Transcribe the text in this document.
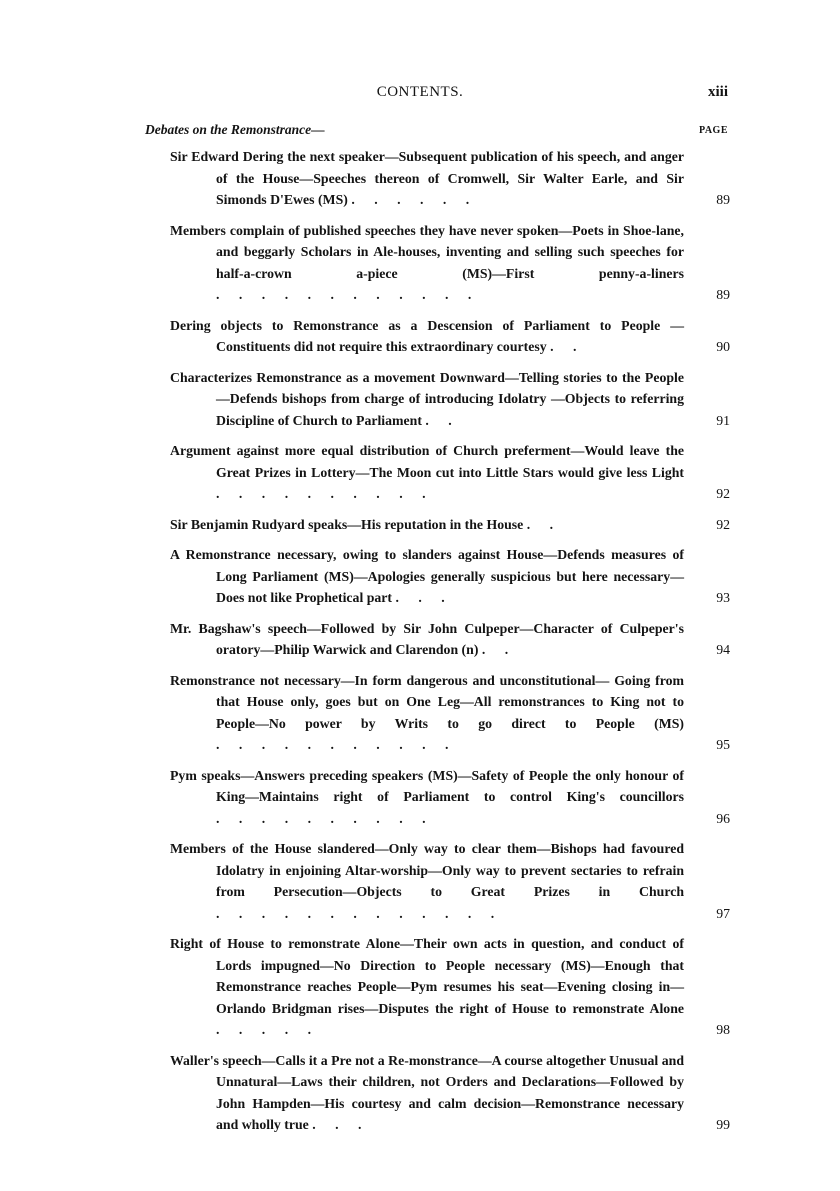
CONTENTS.	xiii
Debates on the Remonstrance—	PAGE
Sir Edward Dering the next speaker—Subsequent publication of his speech, and anger of the House—Speeches thereon of Cromwell, Sir Walter Earle, and Sir Simonds D'Ewes (MS) . . . . . .	89
Members complain of published speeches they have never spoken—Poets in Shoe-lane, and beggarly Scholars in Ale-houses, inventing and selling such speeches for half-a-crown a-piece (MS)—First penny-a-liners . . . . . . . . . . . .	89
Dering objects to Remonstrance as a Descension of Parliament to People —Constituents did not require this extraordinary courtesy . .	90
Characterizes Remonstrance as a movement Downward—Telling stories to the People—Defends bishops from charge of introducing Idolatry —Objects to referring Discipline of Church to Parliament . .	91
Argument against more equal distribution of Church preferment—Would leave the Great Prizes in Lottery—The Moon cut into Little Stars would give less Light . . . . . . . . . .	92
Sir Benjamin Rudyard speaks—His reputation in the House . .	92
A Remonstrance necessary, owing to slanders against House—Defends measures of Long Parliament (MS)—Apologies generally suspicious but here necessary—Does not like Prophetical part . . .	93
Mr. Bagshaw's speech—Followed by Sir John Culpeper—Character of Culpeper's oratory—Philip Warwick and Clarendon (n) . .	94
Remonstrance not necessary—In form dangerous and unconstitutional— Going from that House only, goes but on One Leg—All remonstrances to King not to People—No power by Writs to go direct to People (MS) . . . . . . . . . . .	95
Pym speaks—Answers preceding speakers (MS)—Safety of People the only honour of King—Maintains right of Parliament to control King's councillors . . . . . . . . . .	96
Members of the House slandered—Only way to clear them—Bishops had favoured Idolatry in enjoining Altar-worship—Only way to prevent sectaries to refrain from Persecution—Objects to Great Prizes in Church . . . . . . . . . . . . .	97
Right of House to remonstrate Alone—Their own acts in question, and conduct of Lords impugned—No Direction to People necessary (MS)—Enough that Remonstrance reaches People—Pym resumes his seat—Evening closing in—Orlando Bridgman rises—Disputes the right of House to remonstrate Alone . . . . .	98
Waller's speech—Calls it a Pre not a Re-monstrance—A course altogether Unusual and Unnatural—Laws their children, not Orders and Declarations—Followed by John Hampden—His courtesy and calm decision—Remonstrance necessary and wholly true . . .	99
